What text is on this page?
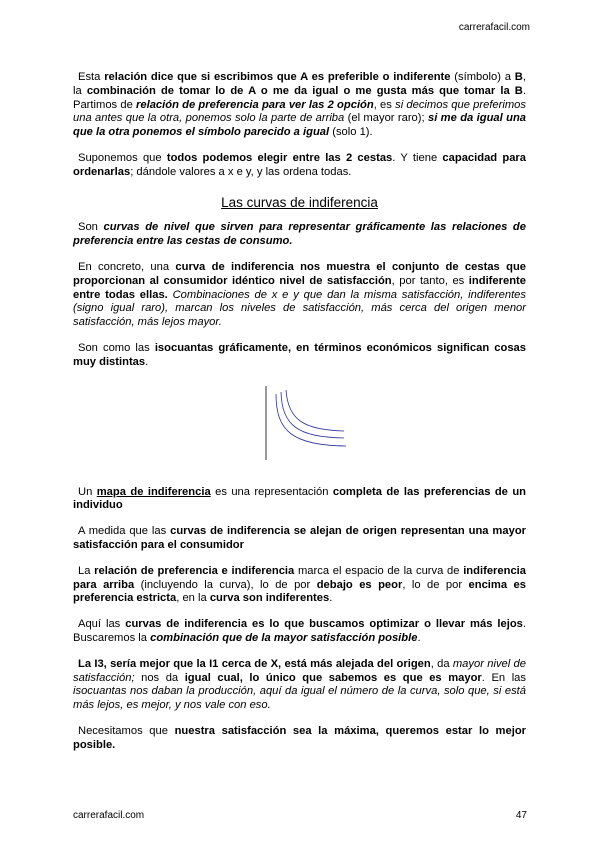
carrerafacil.com

Esta relación dice que si escribimos que A es preferible o indiferente (símbolo) a B, la combinación de tomar lo de A o me da igual o me gusta más que tomar la B. Partimos de relación de preferencia para ver las 2 opción, es si decimos que preferimos una antes que la otra, ponemos solo la parte de arriba (el mayor raro); si me da igual una que la otra ponemos el símbolo parecido a igual (solo 1).

Suponemos que todos podemos elegir entre las 2 cestas. Y tiene capacidad para ordenarlas; dándole valores a x e y, y las ordena todas.

Las curvas de indiferencia

Son curvas de nivel que sirven para representar gráficamente las relaciones de preferencia entre las cestas de consumo.

En concreto, una curva de indiferencia nos muestra el conjunto de cestas que proporcionan al consumidor idéntico nivel de satisfacción, por tanto, es indiferente entre todas ellas. Combinaciones de x e y que dan la misma satisfacción, indiferentes (signo igual raro), marcan los niveles de satisfacción, más cerca del origen menor satisfacción, más lejos mayor.

Son como las isocuantas gráficamente, en términos económicos significan cosas muy distintas.

Un mapa de indiferencia es una representación completa de las preferencias de un individuo

A medida que las curvas de indiferencia se alejan de origen representan una mayor satisfacción para el consumidor

La relación de preferencia e indiferencia marca el espacio de la curva de indiferencia para arriba (incluyendo la curva), lo de por debajo es peor, lo de por encima es preferencia estricta, en la curva son indiferentes.

Aquí las curvas de indiferencia es lo que buscamos optimizar o llevar más lejos. Buscaremos la combinación que de la mayor satisfacción posible.

La I3, sería mejor que la I1 cerca de X, está más alejada del origen, da mayor nivel de satisfacción; nos da igual cual, lo único que sabemos es que es mayor. En las isocuantas nos daban la producción, aquí da igual el número de la curva, solo que, si está más lejos, es mejor, y nos vale con eso.

Necesitamos que nuestra satisfacción sea la máxima, queremos estar lo mejor posible.

carrerafacil.com	47
